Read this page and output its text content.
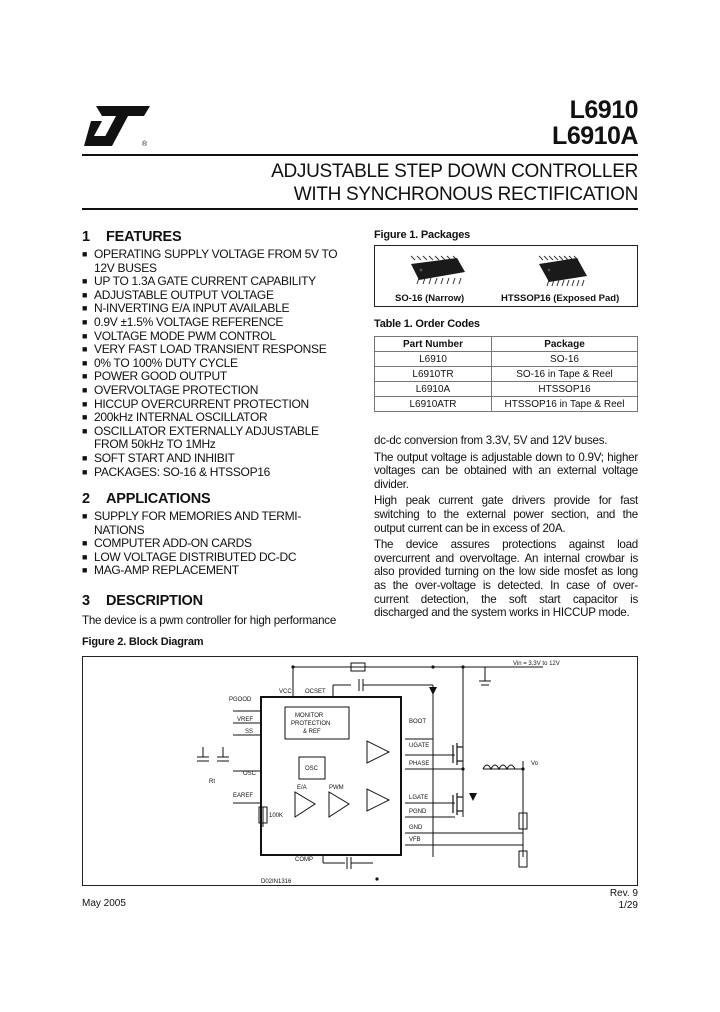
®
L6910
L6910A
ADJUSTABLE STEP DOWN CONTROLLER
WITH SYNCHRONOUS RECTIFICATION
1 FEATURES
■ OPERATING SUPPLY VOLTAGE FROM 5V TO 12V BUSES
■ UP TO 1.3A GATE CURRENT CAPABILITY
■ ADJUSTABLE OUTPUT VOLTAGE
■ N-INVERTING E/A INPUT AVAILABLE
■ 0.9V ±1.5% VOLTAGE REFERENCE
■ VOLTAGE MODE PWM CONTROL
■ VERY FAST LOAD TRANSIENT RESPONSE
■ 0% TO 100% DUTY CYCLE
■ POWER GOOD OUTPUT
■ OVERVOLTAGE PROTECTION
■ HICCUP OVERCURRENT PROTECTION
■ 200kHz INTERNAL OSCILLATOR
■ OSCILLATOR EXTERNALLY ADJUSTABLE FROM 50kHz TO 1MHz
■ SOFT START AND INHIBIT
■ PACKAGES: SO-16 & HTSSOP16
2 APPLICATIONS
■ SUPPLY FOR MEMORIES AND TERMI-NATIONS
■ COMPUTER ADD-ON CARDS
■ LOW VOLTAGE DISTRIBUTED DC-DC
■ MAG-AMP REPLACEMENT
3 DESCRIPTION
The device is a pwm controller for high performance
Figure 1. Packages
SO-16 (Narrow)	HTSSOP16 (Exposed Pad)
Table 1. Order Codes
Part Number	Package
L6910	SO-16
L6910TR	SO-16 in Tape & Reel
L6910A	HTSSOP16
L6910ATR	HTSSOP16 in Tape & Reel

dc-dc conversion from 3.3V, 5V and 12V buses.

The output voltage is adjustable down to 0.9V; higher voltages can be obtained with an external voltage divider.

High peak current gate drivers provide for fast switching to the external power section, and the output current can be in excess of 20A.

The device assures protections against load overcurrent and overvoltage. An internal crowbar is also provided turning on the low side mosfet as long as the over-voltage is detected. In case of over-current detection, the soft start capacitor is discharged and the system works in HICCUP mode.

Figure 2. Block Diagram
VCC OCSET
PGOOD
VREF
SS
OSC
EAREF
MONITOR
PROTECTION
& REF
OSC
E/A	PWM
BOOT
UGATE
PHASE
LGATE
PGND
GND
VFB
COMP
Vin = 3.3V to 12V
Vo
Rt
100K
D02IN1316
May 2005
Rev. 9
1/29
